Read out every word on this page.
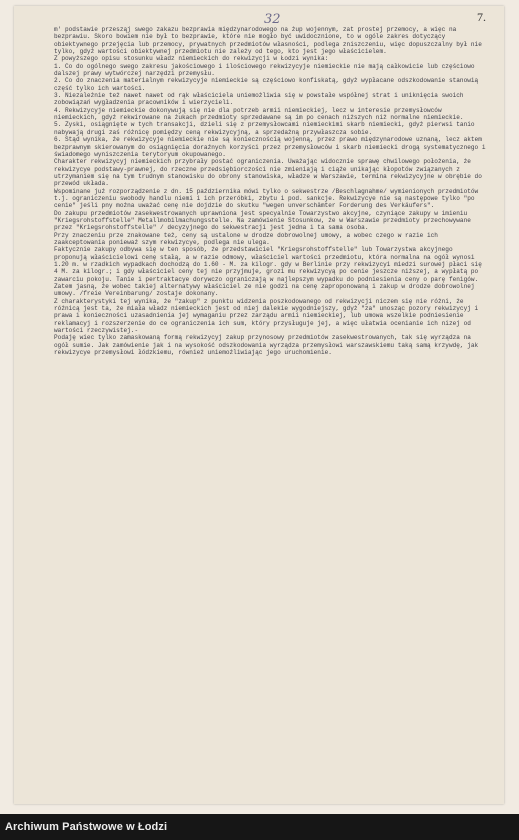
32	7.

m' podstawie przesząj swego zakazu bezprawia międzynarodowego na żup wojennym, zat prostej przemocy, a więc na bezprawiu. Skoro bowiem nie był to bezprawie, które nie mogło być uwidocznione, to w ogóle zakres dotyczący obiektywnego przejęcia lub przemocy, prywatnych przedmiotów własności, podlega zniszczeniu, więc dopuszczalny był nie tylko, gdyż wartości obiektywnej przedmiotu nie zależy od tego, kto jest jego właścicielem.

Z powyższego opisu stosunku władz niemieckich do rekwizycji w Łodzi wynika:

1. Co do ogólnego swego zakresu jakościowego i ilościowego rekwizycyje niemieckie nie mają całkowicie lub częściowo dalszej prawy wytwórczej narzędzi przemysłu.

2. Co do znaczenia materialnym rekwizycyje niemieckie są częściowo konfiskatą, gdyż wypłacane odszkodowanie stanowią część tylko ich wartości.

3. Niezależnie też nawet nawet od rąk właściciela uniemożliwia się w powstałe współnej strat i uniknięcia swoich zobowiązań wygładzenia pracowników i wierzycieli.

4. Rekwizycyje niemieckie dokonywują się nie dla potrzeb armii niemieckiej, lecz w interesie przemysłowców niemieckich, gdyż rekwirowane na żukach przedmioty sprzedawane są im po cenach niższych niż normalne niemieckie.

5. Zyski, osiągnięte w tych transakcji, dzieli się z przemysłowcami niemieckimi skarb niemiecki, gdyż pierwsi tanio nabywają drugi zaś różnicę pomiędzy ceną rekwizycyjną, a sprzedażną przywłaszcza sobie.

6. Stąd wynika, że rekwizycyje niemieckie nie są koniecznością wojenną, przez prawo międzynarodowe uznaną, lecz aktem bezprawnym skierowanym do osiągnięcia doraźnych korzyści przez przemysłowców i skarb niemiecki drogą systematycznego i świadomego wyniszczenia terytoryum okupowanego.

Charakter rekwizycyj niemieckich przybrały postać ograniczenia. Uważając widocznie sprawę chwilowego położenia, że rekwizycye podstawy-prawnej, do rzeczne przedsiębiorczości nie zmieniają i ciąże unikając kłopotów związanych z utrzymaniem się na tym trudnym stanowisku do obrony stanowiska, władze w Warszawie, termina rekwizycyjne w obrębie do przewód układa.

Wspominane już rozporządzenie z dn. 15 października mówi tylko o sekwestrze /Beschlagnahme/ wymienionych przedmiotów t.j. ograniczeniu swobody handlu niemi i ich przeróbki, zbytu i pod. sankcje. Rekwizycye nie są następowe tylko "po cenie" jeśli pny można uważać cenę nie dojdzie do skutku "wegen unverschämter Forderung des Verkäufers".

Do zakupu przedmiotów zasekwestrowanych uprawniona jest specyalnie Towarzystwo akcyjne, czyniące zakupy w imieniu "Kriegsrohstoffstelle" Metallmobilmachungsstelle. Na zamówienie Stosunkow, że w Warszawie przedmioty przechowywane przez "Kriegsrohstoffstelle" / decyzyjnego do sekwestracji jest jedna i ta sama osoba.

Przy znaczeniu prze znakowane też, ceny są ustalone w drodze dobrowolnej umowy, a wobec czego w razie ich zaakceptowania ponieważ szym rekwizycye, podlega nie ulega.

Faktycznie zakupy odbywa się w ten sposób, że przedstawiciel "Kriegsrohstoffstelle" lub Towarzystwa akcyjnego proponują właścicielowi cenę stałą, a w razie odmowy, właściciel wartości przedmiotu, która normalna na ogół wynosi 1.20 m. w rzadkich wypadkach dochodzą do 1.60 - M. za kilogr. gdy w Berlinie przy rekwizycyi miedzi surowej płaci się 4 M. za kilogr.; i gdy właściciel ceny tej nie przyjmuje, grozi mu rekwizycyą po cenie jeszcze niższej, a wypłatą po zawarciu pokoju. Tanie i pertraktacye dorywczo ograniczają w najlepszym wypadku do podniesienia ceny o parę fenigów. Zatem jasną, że wobec takiej alternatywy właściciel ze nie godzi na cenę zaproponowaną i zakup w drodze dobrowolnej umowy. /freie Vereinbarung/ zostaje dokonany.

Z charakterystyki tej wynika, że "zakup" z punktu widzenia poszkodowanego od rekwizycji niczem się nie różni, że różnicą jest ta, że miała władz niemieckich jest od niej dalekie wygodniejszy, gdyż "za" unosząc pozory rekwizycyj i prawa i konieczności uzasadnienia jej wymaganiu przez zarządu armii niemieckiej, lub umowa wszelkie podniesienie reklamacyj i rozszerzenie do ce ograniczenia ich sum, który przysługuje jej, a więc ułatwia ocenianie ich nizej od wartości rzeczywistej.-

Podaję wiec tylko zamaskowaną formą rekwizycyj zakup przynosowy przedmiotów zasekwestrowanych, tak się wyrządza na ogół sumie. Jak zamówienie jak i na wysokość odszkodowania wyrządza przemysłowi warszawskiemu taką samą krzywdę, jak rekwizycye przemysłowi łódzkiemu, również uniemożliwiając jego uruchomienie.

Archiwum Państwowe w Łodzi
